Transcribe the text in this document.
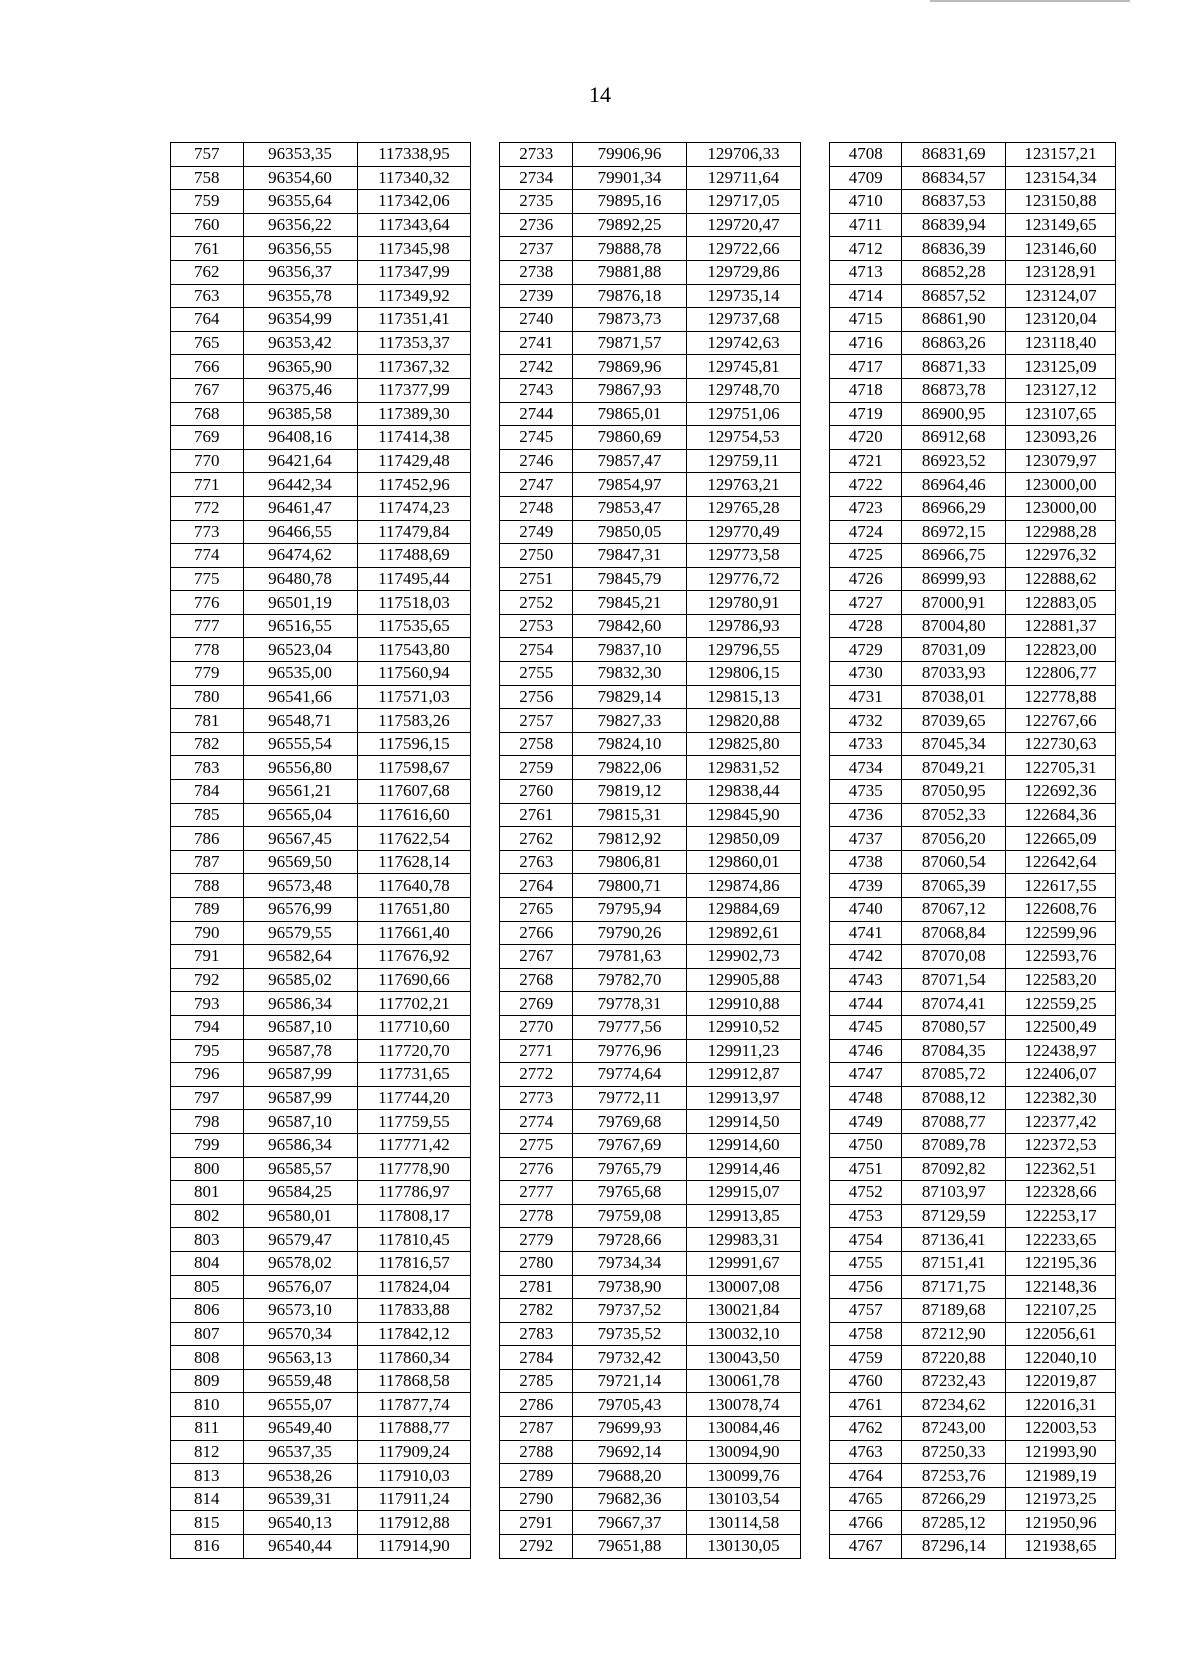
14
757	96353,35	117338,95		2733	79906,96	129706,33		4708	86831,69	123157,21
758	96354,60	117340,32		2734	79901,34	129711,64		4709	86834,57	123154,34
759	96355,64	117342,06		2735	79895,16	129717,05		4710	86837,53	123150,88
760	96356,22	117343,64		2736	79892,25	129720,47		4711	86839,94	123149,65
761	96356,55	117345,98		2737	79888,78	129722,66		4712	86836,39	123146,60
762	96356,37	117347,99		2738	79881,88	129729,86		4713	86852,28	123128,91
763	96355,78	117349,92		2739	79876,18	129735,14		4714	86857,52	123124,07
764	96354,99	117351,41		2740	79873,73	129737,68		4715	86861,90	123120,04
765	96353,42	117353,37		2741	79871,57	129742,63		4716	86863,26	123118,40
766	96365,90	117367,32		2742	79869,96	129745,81		4717	86871,33	123125,09
767	96375,46	117377,99		2743	79867,93	129748,70		4718	86873,78	123127,12
768	96385,58	117389,30		2744	79865,01	129751,06		4719	86900,95	123107,65
769	96408,16	117414,38		2745	79860,69	129754,53		4720	86912,68	123093,26
770	96421,64	117429,48		2746	79857,47	129759,11		4721	86923,52	123079,97
771	96442,34	117452,96		2747	79854,97	129763,21		4722	86964,46	123000,00
772	96461,47	117474,23		2748	79853,47	129765,28		4723	86966,29	123000,00
773	96466,55	117479,84		2749	79850,05	129770,49		4724	86972,15	122988,28
774	96474,62	117488,69		2750	79847,31	129773,58		4725	86966,75	122976,32
775	96480,78	117495,44		2751	79845,79	129776,72		4726	86999,93	122888,62
776	96501,19	117518,03		2752	79845,21	129780,91		4727	87000,91	122883,05
777	96516,55	117535,65		2753	79842,60	129786,93		4728	87004,80	122881,37
778	96523,04	117543,80		2754	79837,10	129796,55		4729	87031,09	122823,00
779	96535,00	117560,94		2755	79832,30	129806,15		4730	87033,93	122806,77
780	96541,66	117571,03		2756	79829,14	129815,13		4731	87038,01	122778,88
781	96548,71	117583,26		2757	79827,33	129820,88		4732	87039,65	122767,66
782	96555,54	117596,15		2758	79824,10	129825,80		4733	87045,34	122730,63
783	96556,80	117598,67		2759	79822,06	129831,52		4734	87049,21	122705,31
784	96561,21	117607,68		2760	79819,12	129838,44		4735	87050,95	122692,36
785	96565,04	117616,60		2761	79815,31	129845,90		4736	87052,33	122684,36
786	96567,45	117622,54		2762	79812,92	129850,09		4737	87056,20	122665,09
787	96569,50	117628,14		2763	79806,81	129860,01		4738	87060,54	122642,64
788	96573,48	117640,78		2764	79800,71	129874,86		4739	87065,39	122617,55
789	96576,99	117651,80		2765	79795,94	129884,69		4740	87067,12	122608,76
790	96579,55	117661,40		2766	79790,26	129892,61		4741	87068,84	122599,96
791	96582,64	117676,92		2767	79781,63	129902,73		4742	87070,08	122593,76
792	96585,02	117690,66		2768	79782,70	129905,88		4743	87071,54	122583,20
793	96586,34	117702,21		2769	79778,31	129910,88		4744	87074,41	122559,25
794	96587,10	117710,60		2770	79777,56	129910,52		4745	87080,57	122500,49
795	96587,78	117720,70		2771	79776,96	129911,23		4746	87084,35	122438,97
796	96587,99	117731,65		2772	79774,64	129912,87		4747	87085,72	122406,07
797	96587,99	117744,20		2773	79772,11	129913,97		4748	87088,12	122382,30
798	96587,10	117759,55		2774	79769,68	129914,50		4749	87088,77	122377,42
799	96586,34	117771,42		2775	79767,69	129914,60		4750	87089,78	122372,53
800	96585,57	117778,90		2776	79765,79	129914,46		4751	87092,82	122362,51
801	96584,25	117786,97		2777	79765,68	129915,07		4752	87103,97	122328,66
802	96580,01	117808,17		2778	79759,08	129913,85		4753	87129,59	122253,17
803	96579,47	117810,45		2779	79728,66	129983,31		4754	87136,41	122233,65
804	96578,02	117816,57		2780	79734,34	129991,67		4755	87151,41	122195,36
805	96576,07	117824,04		2781	79738,90	130007,08		4756	87171,75	122148,36
806	96573,10	117833,88		2782	79737,52	130021,84		4757	87189,68	122107,25
807	96570,34	117842,12		2783	79735,52	130032,10		4758	87212,90	122056,61
808	96563,13	117860,34		2784	79732,42	130043,50		4759	87220,88	122040,10
809	96559,48	117868,58		2785	79721,14	130061,78		4760	87232,43	122019,87
810	96555,07	117877,74		2786	79705,43	130078,74		4761	87234,62	122016,31
811	96549,40	117888,77		2787	79699,93	130084,46		4762	87243,00	122003,53
812	96537,35	117909,24		2788	79692,14	130094,90		4763	87250,33	121993,90
813	96538,26	117910,03		2789	79688,20	130099,76		4764	87253,76	121989,19
814	96539,31	117911,24		2790	79682,36	130103,54		4765	87266,29	121973,25
815	96540,13	117912,88		2791	79667,37	130114,58		4766	87285,12	121950,96
816	96540,44	117914,90		2792	79651,88	130130,05		4767	87296,14	121938,65
